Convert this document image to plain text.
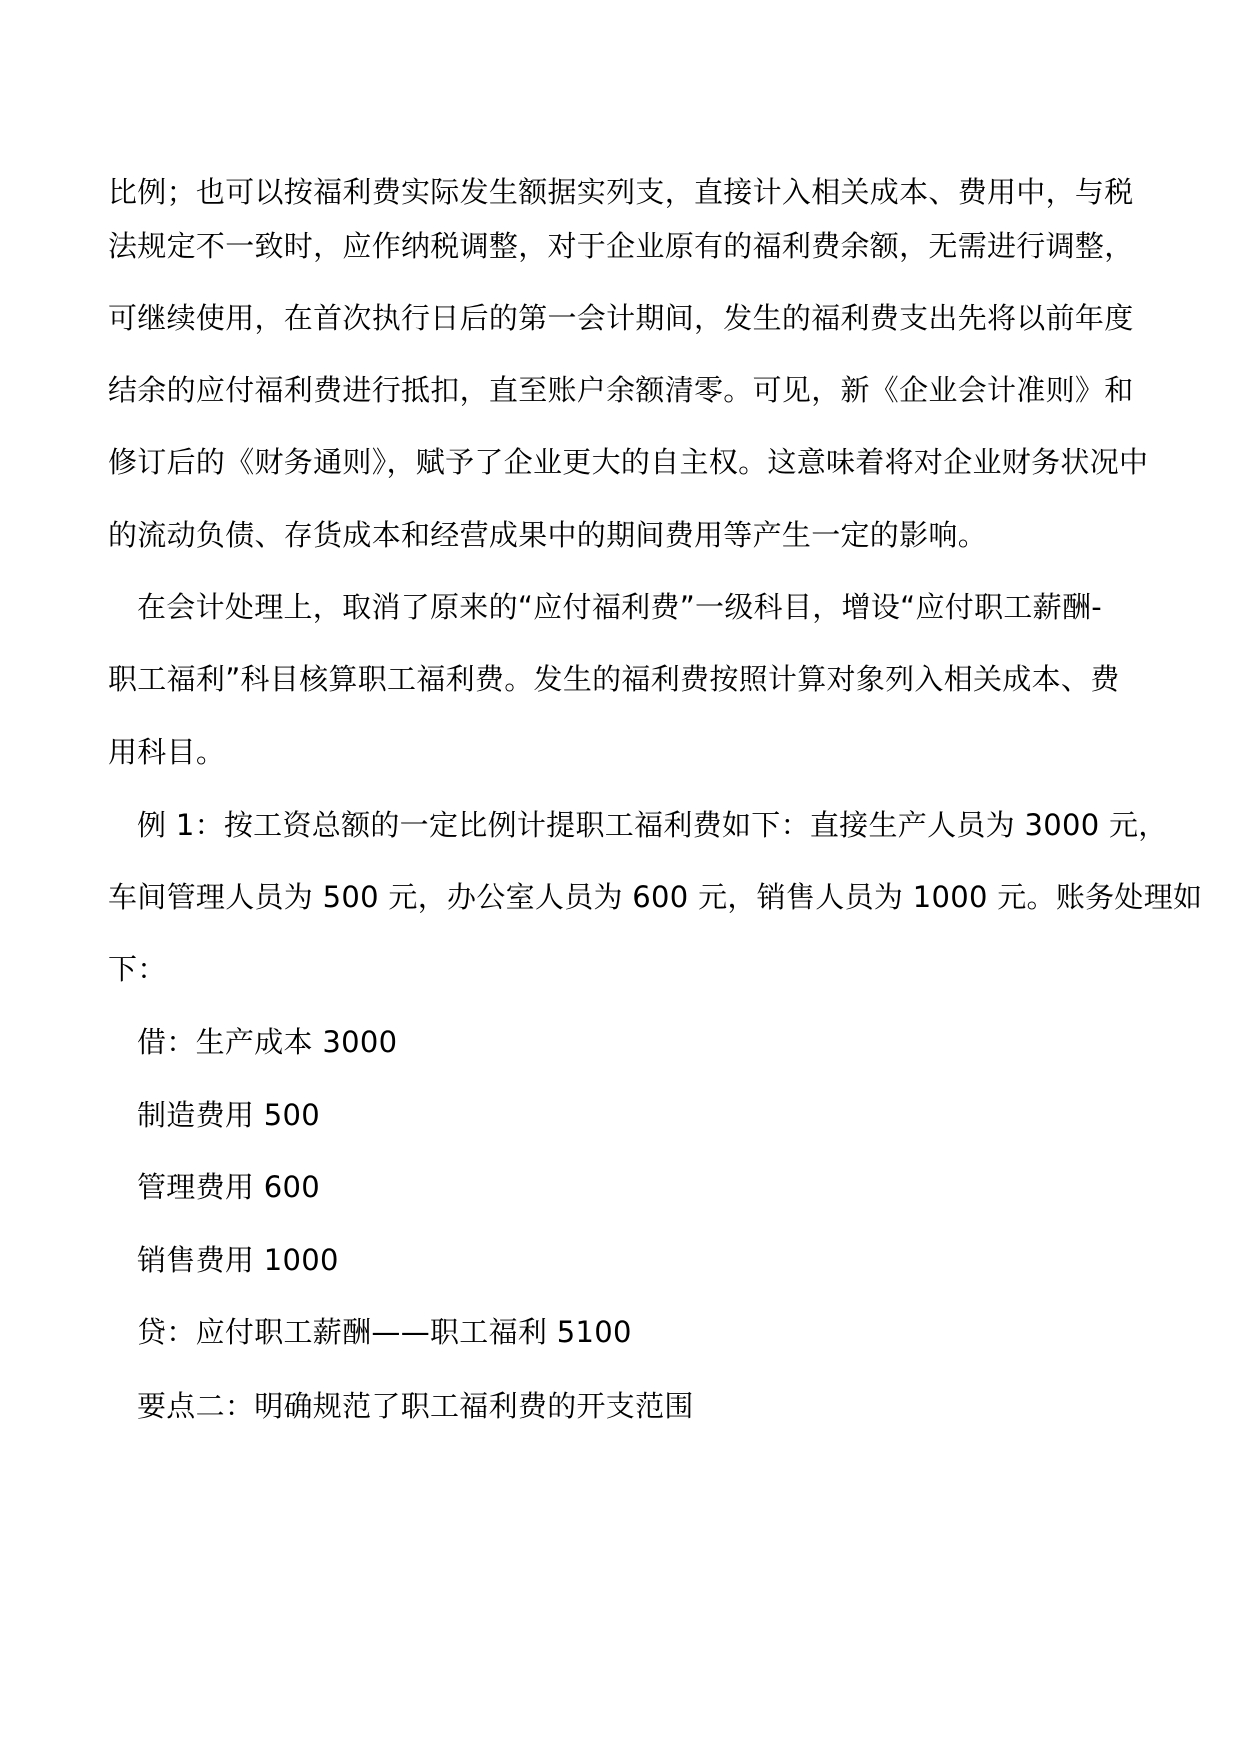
比例；也可以按福利费实际发生额据实列支，直接计入相关成本、费用中，与税
法规定不一致时，应作纳税调整，对于企业原有的福利费余额，无需进行调整，
可继续使用，在首次执行日后的第一会计期间，发生的福利费支出先将以前年度
结余的应付福利费进行抵扣，直至账户余额清零。可见，新《企业会计准则》和
修订后的《财务通则》，赋予了企业更大的自主权。这意味着将对企业财务状况中
的流动负债、存货成本和经营成果中的期间费用等产生一定的影响。
在会计处理上，取消了原来的“应付福利费”一级科目，增设“应付职工薪酬-
职工福利”科目核算职工福利费。发生的福利费按照计算对象列入相关成本、费
用科目。
例 1：按工资总额的一定比例计提职工福利费如下：直接生产人员为 3000 元，
车间管理人员为 500 元，办公室人员为 600 元，销售人员为 1000 元。账务处理如
下：
借：生产成本 3000
制造费用 500
管理费用 600
销售费用 1000
贷：应付职工薪酬——职工福利 5100
要点二：明确规范了职工福利费的开支范围
